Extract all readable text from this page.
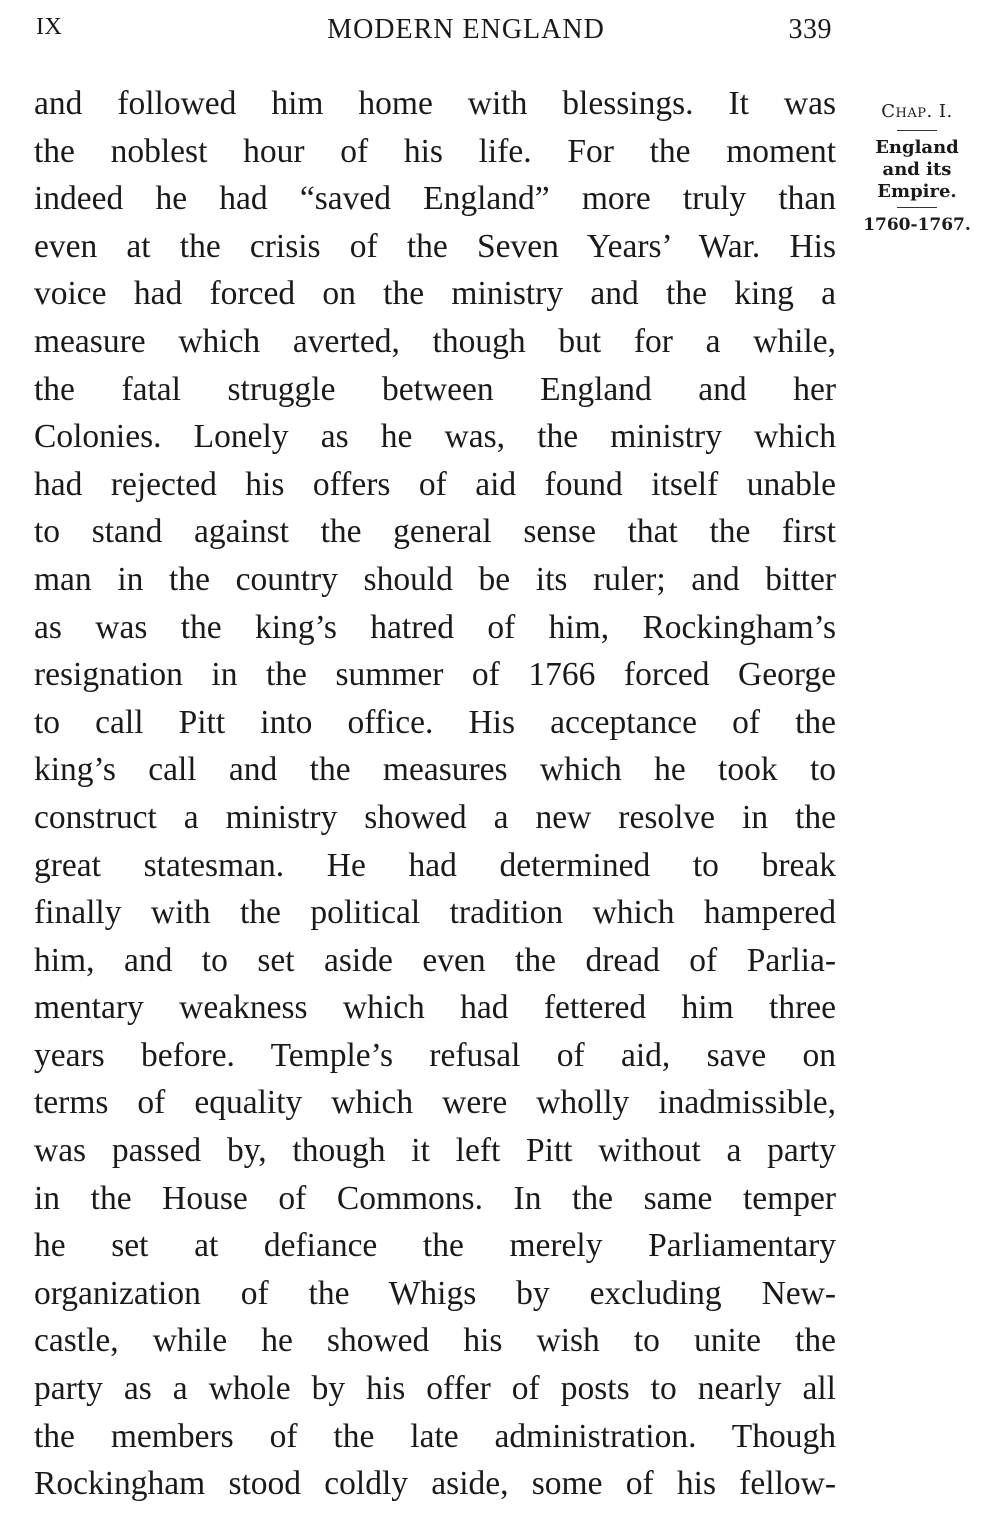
IX	MODERN ENGLAND	339
and followed him home with blessings. It was
the noblest hour of his life. For the moment
indeed he had “saved England” more truly than
even at the crisis of the Seven Years’ War. His
voice had forced on the ministry and the king a
measure which averted, though but for a while,
the fatal struggle between England and her
Colonies. Lonely as he was, the ministry which
had rejected his offers of aid found itself unable
to stand against the general sense that the first
man in the country should be its ruler; and bitter
as was the king’s hatred of him, Rockingham’s
resignation in the summer of 1766 forced George
to call Pitt into office. His acceptance of the
king’s call and the measures which he took to
construct a ministry showed a new resolve in the
great statesman. He had determined to break
finally with the political tradition which hampered
him, and to set aside even the dread of Parlia-
mentary weakness which had fettered him three
years before. Temple’s refusal of aid, save on
terms of equality which were wholly inadmissible,
was passed by, though it left Pitt without a party
in the House of Commons. In the same temper
he set at defiance the merely Parliamentary
organization of the Whigs by excluding New-
castle, while he showed his wish to unite the
party as a whole by his offer of posts to nearly all
the members of the late administration. Though
Rockingham stood coldly aside, some of his fellow-
Chap. I.
England
and its
Empire.
1760-1767.
